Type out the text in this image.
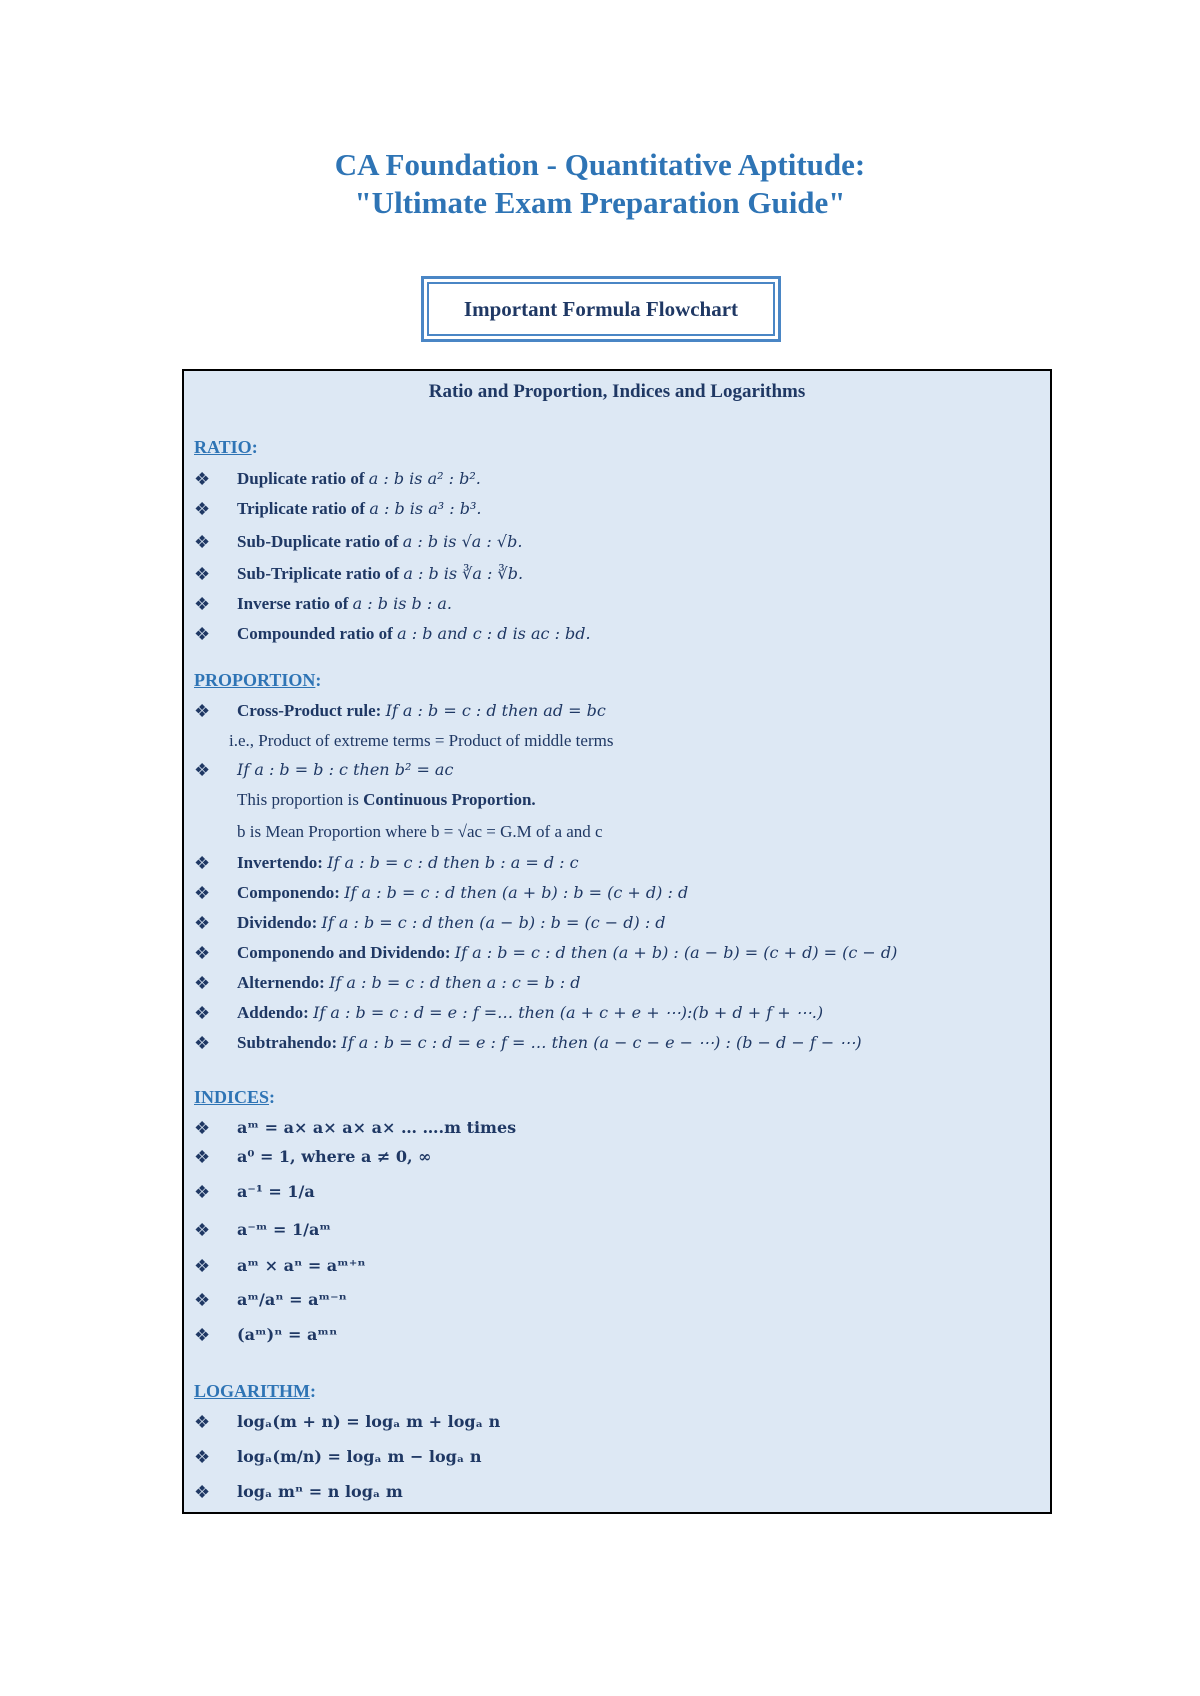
CA Foundation - Quantitative Aptitude:
"Ultimate Exam Preparation Guide"
Important Formula Flowchart
Ratio and Proportion, Indices and Logarithms
RATIO:
❖ Duplicate ratio of a : b is a² : b².
❖ Triplicate ratio of a : b is a³ : b³.
❖ Sub-Duplicate ratio of a : b is √a : √b.
❖ Sub-Triplicate ratio of a : b is ∛a : ∛b.
❖ Inverse ratio of a : b is b : a.
❖ Compounded ratio of a : b and c : d is ac : bd.
PROPORTION:
❖ Cross-Product rule: If a : b = c : d then ad = bc
i.e., Product of extreme terms = Product of middle terms
❖ If a : b = b : c then b² = ac
This proportion is Continuous Proportion.
b is Mean Proportion where b = √ac = G.M of a and c
❖ Invertendo: If a : b = c : d then b : a = d : c
❖ Componendo: If a : b = c : d then (a + b) : b = (c + d) : d
❖ Dividendo: If a : b = c : d then (a − b) : b = (c − d) : d
❖ Componendo and Dividendo: If a : b = c : d then (a + b) : (a − b) = (c + d) = (c − d)
❖ Alternendo: If a : b = c : d then a : c = b : d
❖ Addendo: If a : b = c : d = e : f =… then (a + c + e + ⋯):(b + d + f + ⋯.)
❖ Subtrahendo: If a : b = c : d = e : f = … then (a − c − e − ⋯) : (b − d − f − ⋯)
INDICES:
❖ aᵐ = a× a× a× a× … ….m times
❖ a⁰ = 1, where a ≠ 0, ∞
❖ a⁻¹ = 1/a
❖ a⁻ᵐ = 1/aᵐ
❖ aᵐ × aⁿ = aᵐ⁺ⁿ
❖ aᵐ/aⁿ = aᵐ⁻ⁿ
❖ (aᵐ)ⁿ = aᵐⁿ
LOGARITHM:
❖ logₐ(m + n) = logₐ m + logₐ n
❖ logₐ(m/n) = logₐ m − logₐ n
❖ logₐ mⁿ = n logₐ m
